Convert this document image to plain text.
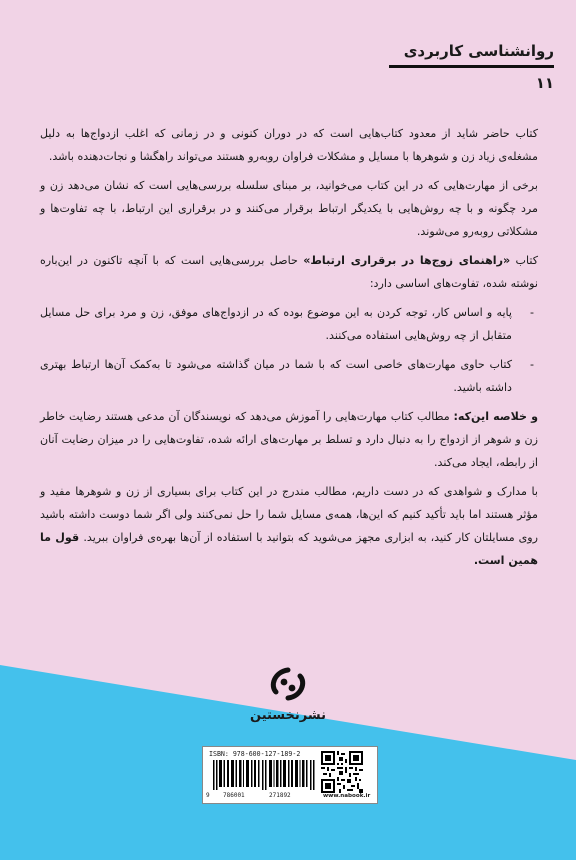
روانشناسی کاربردی
۱۱

کتاب حاضر شاید از معدود کتاب‌هایی است که در دوران کنونی و در زمانی که اغلب ازدواج‌ها به دلیل مشغله‌ی زیاد زن و شوهرها با مسایل و مشکلات فراوان روبه‌رو هستند می‌تواند راهگشا و نجات‌دهنده باشد.

برخی از مهارت‌هایی که در این کتاب می‌خوانید، بر مبنای سلسله بررسی‌هایی است که نشان می‌دهد زن و مرد چگونه و با چه روش‌هایی با یکدیگر ارتباط برقرار می‌کنند و در برقراری این ارتباط، با چه تفاوت‌ها و مشکلاتی روبه‌رو می‌شوند.

کتاب «راهنمای زوج‌ها در برقراری ارتباط» حاصل بررسی‌هایی است که با آنچه تاکنون در این‌باره نوشته شده، تفاوت‌های اساسی دارد:

-
پایه و اساس کار، توجه کردن به این موضوع بوده که در ازدواج‌های موفق، زن و مرد برای حل مسایل متقابل از چه روش‌هایی استفاده می‌کنند.

-
کتاب حاوی مهارت‌های خاصی است که با شما در میان گذاشته می‌شود تا به‌کمک آن‌ها ارتباط بهتری داشته باشید.

و خلاصه این‌که: مطالب کتاب مهارت‌هایی را آموزش می‌دهد که نویسندگان آن مدعی هستند رضایت خاطر زن و شوهر از ازدواج را به دنبال دارد و تسلط بر مهارت‌های ارائه شده، تفاوت‌هایی را در میزان رضایت آنان از رابطه، ایجاد می‌کند.

با مدارک و شواهدی که در دست داریم، مطالب مندرج در این کتاب برای بسیاری از زن و شوهرها مفید و مؤثر هستند اما باید تأکید کنیم که این‌ها، همه‌ی مسایل شما را حل نمی‌کنند ولی اگر شما دوست داشته باشید روی مسایلتان کار کنید، به ابزاری مجهز می‌شوید که بتوانید با استفاده از آن‌ها بهره‌ی فراوان ببرید. قول ما همین است.

نشرنخستین
ISBN: 978-600-127-189-2
9 786001	271892	www.nabook.ir
